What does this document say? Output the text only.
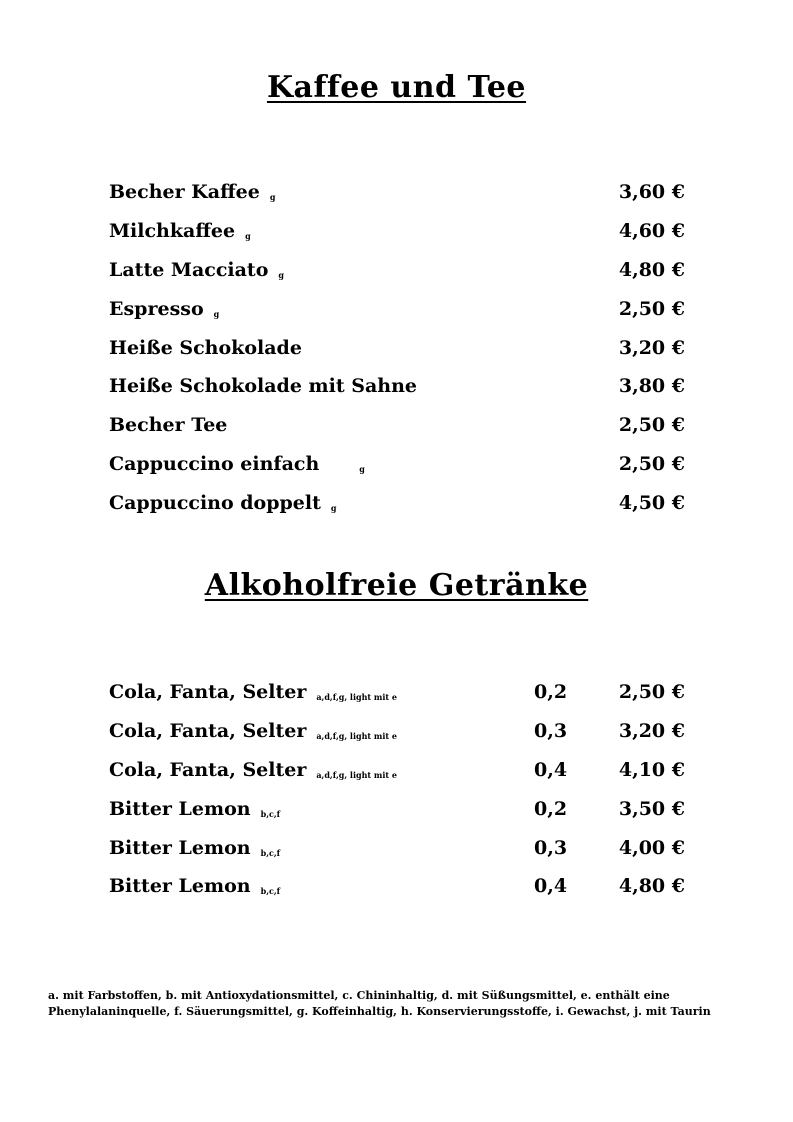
Kaffee und Tee
Becher Kaffee g	3,60 €
Milchkaffee g	4,60 €
Latte Macciato g	4,80 €
Espresso g	2,50 €
Heiße Schokolade	3,20 €
Heiße Schokolade mit Sahne	3,80 €
Becher Tee	2,50 €
Cappuccino einfach	g	2,50 €
Cappuccino doppelt g	4,50 €
Alkoholfreie Getränke
Cola, Fanta, Selter a,d,f,g, light mit e	0,2	2,50 €
Cola, Fanta, Selter a,d,f,g, light mit e	0,3	3,20 €
Cola, Fanta, Selter a,d,f,g, light mit e	0,4	4,10 €
Bitter Lemon b,c,f	0,2	3,50 €
Bitter Lemon b,c,f	0,3	4,00 €
Bitter Lemon b,c,f	0,4	4,80 €
a. mit Farbstoffen, b. mit Antioxydationsmittel, c. Chininhaltig, d. mit Süßungsmittel, e. enthält eine Phenylalaninquelle, f. Säuerungsmittel, g. Koffeinhaltig, h. Konservierungsstoffe, i. Gewachst, j. mit Taurin
